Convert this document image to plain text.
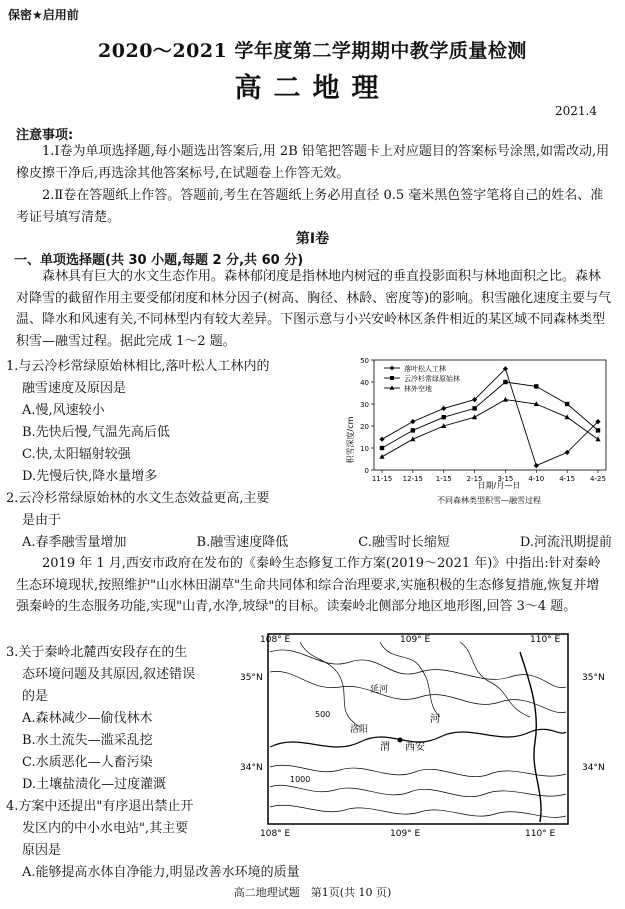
保密★启用前
2020～2021 学年度第二学期期中教学质量检测
高二地理
2021.4
注意事项:
1.Ⅰ卷为单项选择题,每小题选出答案后,用 2B 铅笔把答题卡上对应题目的答案标号涂黑,如需改动,用橡皮擦干净后,再选涂其他答案标号,在试题卷上作答无效。
2.Ⅱ卷在答题纸上作答。答题前,考生在答题纸上务必用直径 0.5 毫米黑色签字笔将自己的姓名、准考证号填写清楚。
第Ⅰ卷
一、单项选择题(共 30 小题,每题 2 分,共 60 分)
森林具有巨大的水文生态作用。森林郁闭度是指林地内树冠的垂直投影面积与林地面积之比。森林对降雪的截留作用主要受郁闭度和林分因子(树高、胸径、林龄、密度等)的影响。积雪融化速度主要与气温、降水和风速有关,不同林型内有较大差异。下图示意与小兴安岭林区条件相近的某区域不同森林类型积雪—融雪过程。据此完成 1～2 题。
1.与云冷杉常绿原始林相比,落叶松人工林内的
融雪速度及原因是
A.慢,风速较小
B.先快后慢,气温先高后低
C.快,太阳辐射较强
D.先慢后快,降水量增多
2.云冷杉常绿原始林的水文生态效益更高,主要
是由于
A.春季融雪量增加	B.融雪速度降低	C.融雪时长缩短	D.河流汛期提前
2019 年 1 月,西安市政府在发布的《秦岭生态修复工作方案(2019～2021 年)》中指出:针对秦岭生态环境现状,按照维护"山水林田湖草"生命共同体和综合治理要求,实施积极的生态修复措施,恢复并增强秦岭的生态服务功能,实现"山青,水净,坡绿"的目标。读秦岭北侧部分地区地形图,回答 3～4 题。
3.关于秦岭北麓西安段存在的生
态环境问题及其原因,叙述错误
的是
A.森林减少—偷伐林木
B.水土流失—滥采乱挖
C.水质恶化—人畜污染
D.土壤盐渍化—过度灌溉
4.方案中还提出"有序退出禁止开
发区内的中小水电站",其主要
原因是
A.能够提高水体自净能力,明显改善水环境的质量
0
10
20
30
40
50
11-15 12-15 1-15 2-15 3-15 4-10 4-15 4-25
落叶松人工林
云冷杉常绿原始林
林外空地
积雪深度/cm
日期/月—日
不同森林类型积雪—融雪过程
108° E	109° E	110° E
35°N	35°N
34°N	34°N
108° E	109° E	110° E
延河
河
洛阳
西安
渭
500
1000
高二地理试题　第1页(共 10 页)
